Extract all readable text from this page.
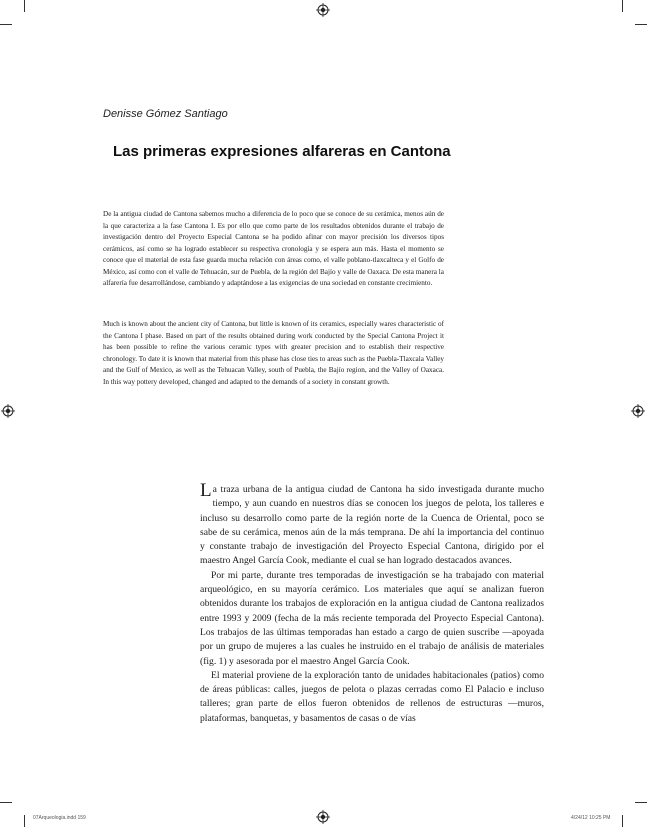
Denisse Gómez Santiago
Las primeras expresiones alfareras en Cantona

De la antigua ciudad de Cantona sabemos mucho a diferencia de lo poco que se conoce de su cerámica, menos aún de la que caracteriza a la fase Cantona I. Es por ello que como parte de los resultados obtenidos durante el trabajo de investigación dentro del Proyecto Especial Cantona se ha podido afinar con mayor precisión los diversos tipos cerámicos, así como se ha logrado establecer su respectiva cronología y se espera aun más. Hasta el momento se conoce que el material de esta fase guarda mucha relación con áreas como, el valle poblano-tlaxcalteca y el Golfo de México, así como con el valle de Tehuacán, sur de Puebla, de la región del Bajío y valle de Oaxaca. De esta manera la alfarería fue desarrollándose, cambiando y adaptándose a las exigencias de una sociedad en constante crecimiento.

Much is known about the ancient city of Cantona, but little is known of its ceramics, especially wares characteristic of the Cantona I phase. Based on part of the results obtained during work conducted by the Special Cantona Project it has been possible to refine the various ceramic types with greater precision and to establish their respective chronology. To date it is known that material from this phase has close ties to areas such as the Puebla-Tlaxcala Valley and the Gulf of Mexico, as well as the Tehuacan Valley, south of Puebla, the Bajío region, and the Valley of Oaxaca. In this way pottery developed, changed and adapted to the demands of a society in constant growth.

La traza urbana de la antigua ciudad de Cantona ha sido investigada durante mucho tiempo, y aun cuando en nuestros días se conocen los juegos de pelota, los talleres e incluso su desarrollo como parte de la región norte de la Cuenca de Oriental, poco se sabe de su cerámica, menos aún de la más temprana. De ahí la importancia del continuo y constante trabajo de investigación del Proyecto Especial Cantona, dirigido por el maestro Angel García Cook, mediante el cual se han logrado destacados avances.

Por mi parte, durante tres temporadas de investigación se ha trabajado con material arqueológico, en su mayoría cerámico. Los materiales que aquí se analizan fueron obtenidos durante los trabajos de exploración en la antigua ciudad de Cantona realizados entre 1993 y 2009 (fecha de la más reciente temporada del Proyecto Especial Cantona). Los trabajos de las últimas temporadas han estado a cargo de quien suscribe —apoyada por un grupo de mujeres a las cuales he instruido en el trabajo de análisis de materiales (fig. 1) y asesorada por el maestro Angel García Cook.

El material proviene de la exploración tanto de unidades habitacionales (patios) como de áreas públicas: calles, juegos de pelota o plazas cerradas como El Palacio e incluso talleres; gran parte de ellos fueron obtenidos de rellenos de estructuras —muros, plataformas, banquetas, y basamentos de casas o de vías

07Arqueologia.indd 159	4/24/12 10:25 PM
